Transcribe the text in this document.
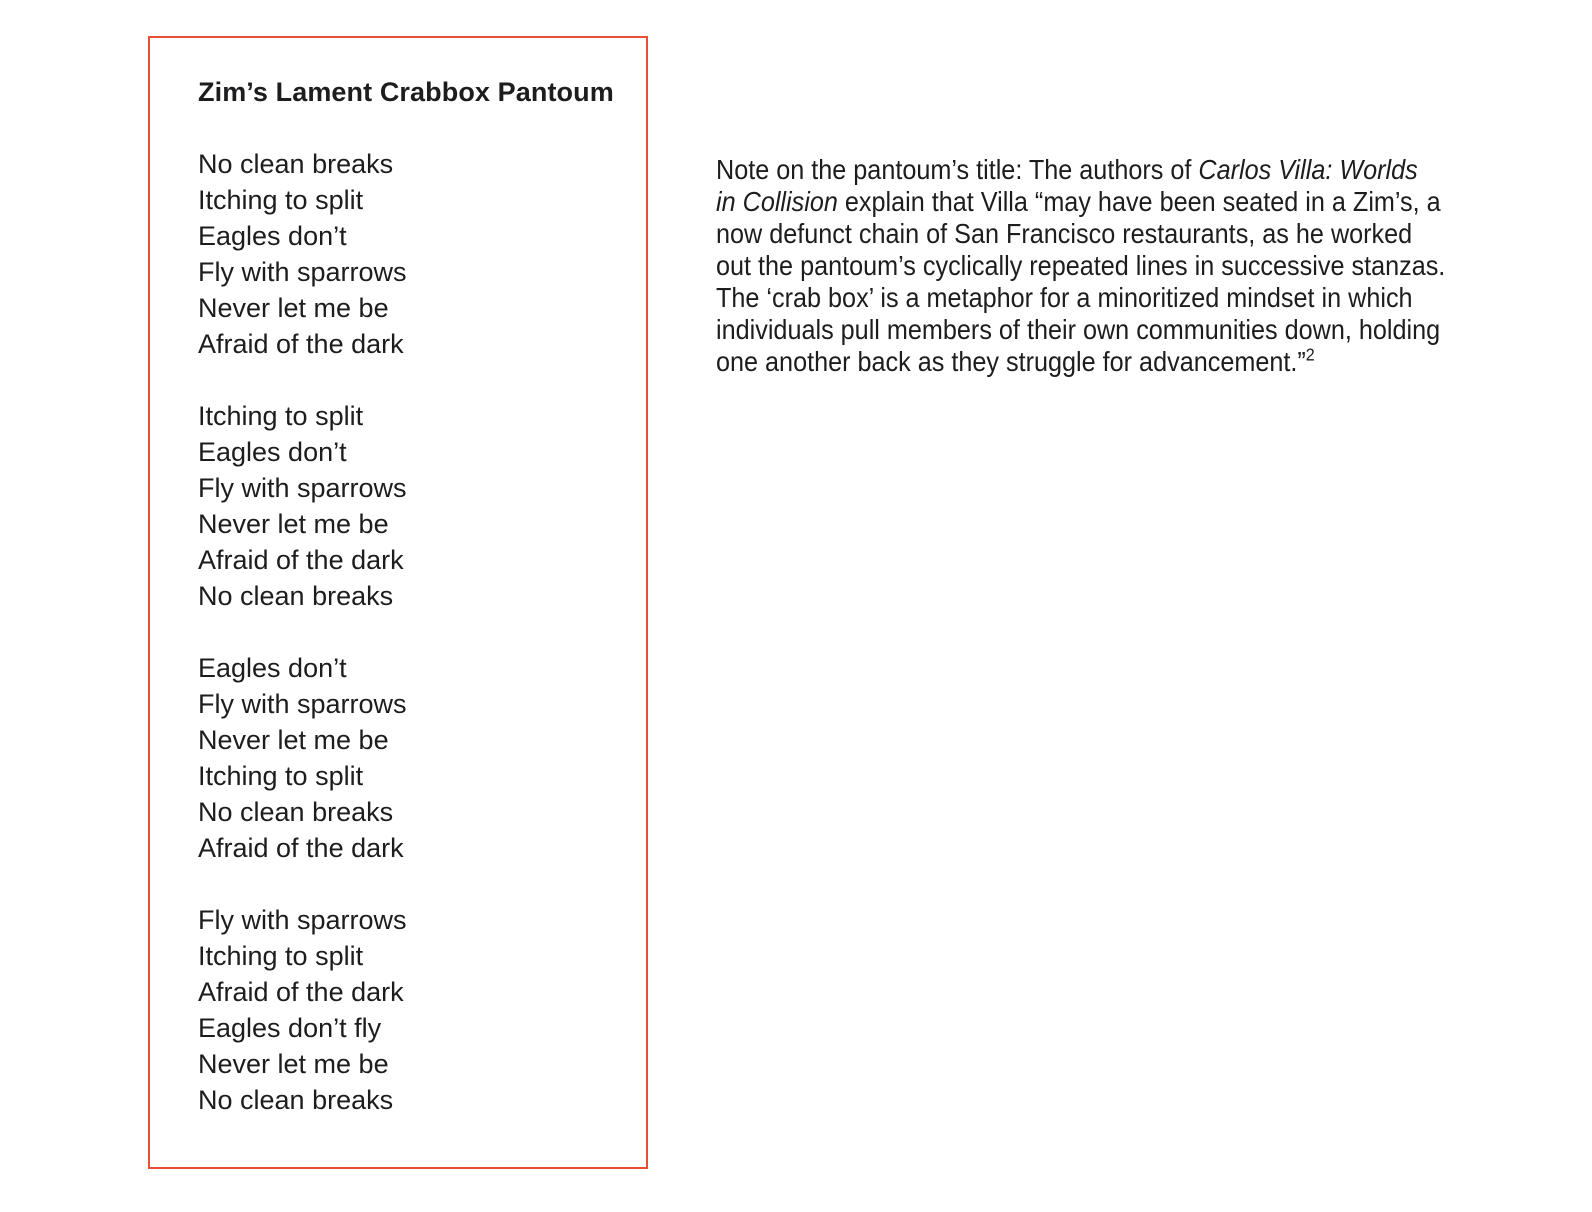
Zim’s Lament Crabbox Pantoum
No clean breaks
Itching to split
Eagles don’t
Fly with sparrows
Never let me be
Afraid of the dark
Itching to split
Eagles don’t
Fly with sparrows
Never let me be
Afraid of the dark
No clean breaks
Eagles don’t
Fly with sparrows
Never let me be
Itching to split
No clean breaks
Afraid of the dark
Fly with sparrows
Itching to split
Afraid of the dark
Eagles don’t fly
Never let me be
No clean breaks
Note on the pantoum’s title: The authors of Carlos Villa: Worlds
in Collision explain that Villa “may have been seated in a Zim’s, a
now defunct chain of San Francisco restaurants, as he worked
out the pantoum’s cyclically repeated lines in successive stanzas.
The ‘crab box’ is a metaphor for a minoritized mindset in which
individuals pull members of their own communities down, holding
one another back as they struggle for advancement.”$^2$
